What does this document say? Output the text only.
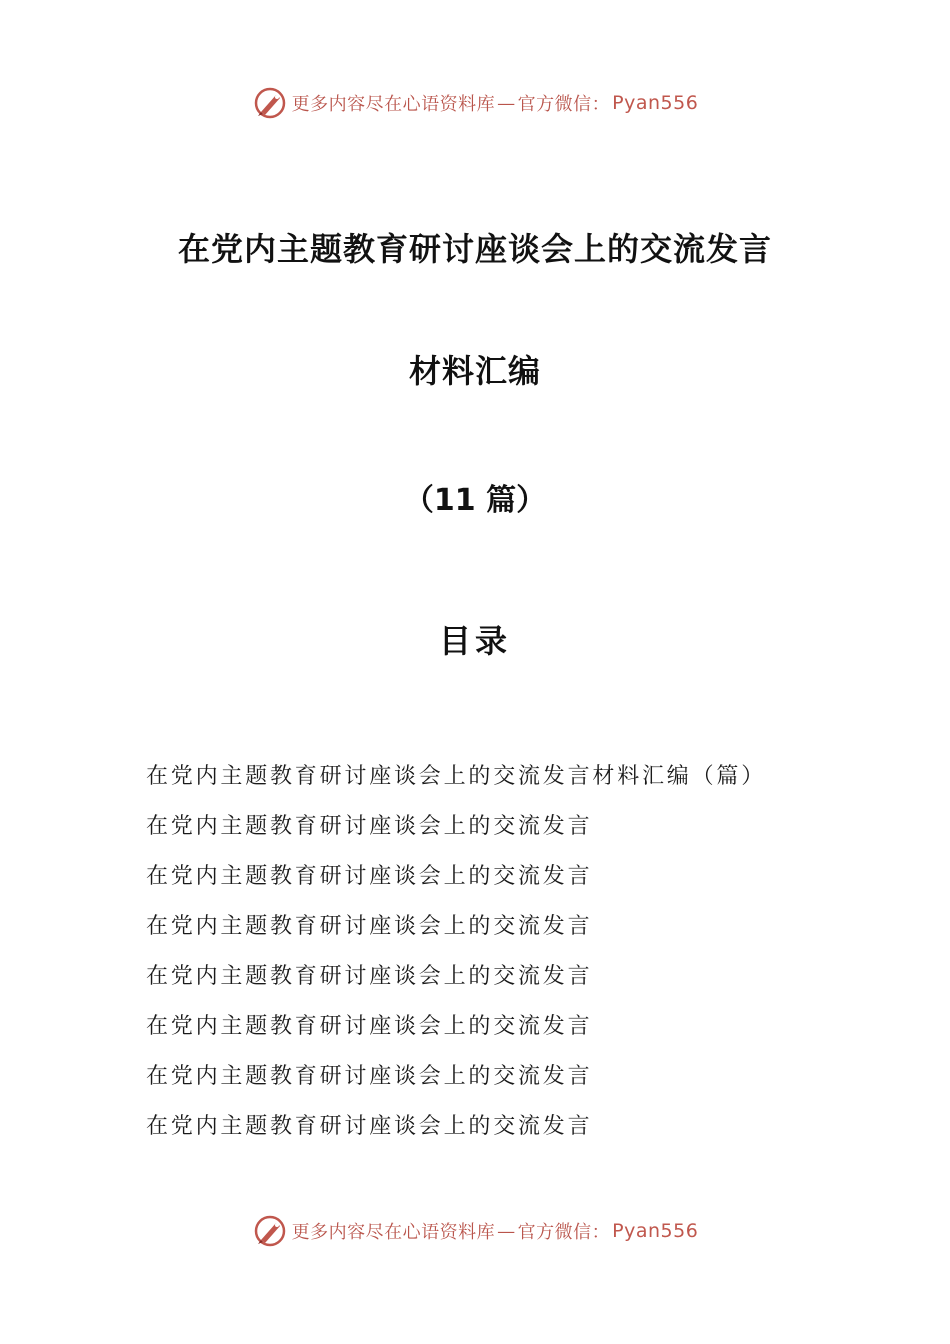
更多内容尽在心语资料库 — 官方微信： Pyan556
在党内主题教育研讨座谈会上的交流发言
材料汇编
（11 篇）
目录
在党内主题教育研讨座谈会上的交流发言材料汇编（篇）
在党内主题教育研讨座谈会上的交流发言
在党内主题教育研讨座谈会上的交流发言
在党内主题教育研讨座谈会上的交流发言
在党内主题教育研讨座谈会上的交流发言
在党内主题教育研讨座谈会上的交流发言
在党内主题教育研讨座谈会上的交流发言
在党内主题教育研讨座谈会上的交流发言
更多内容尽在心语资料库 — 官方微信： Pyan556
